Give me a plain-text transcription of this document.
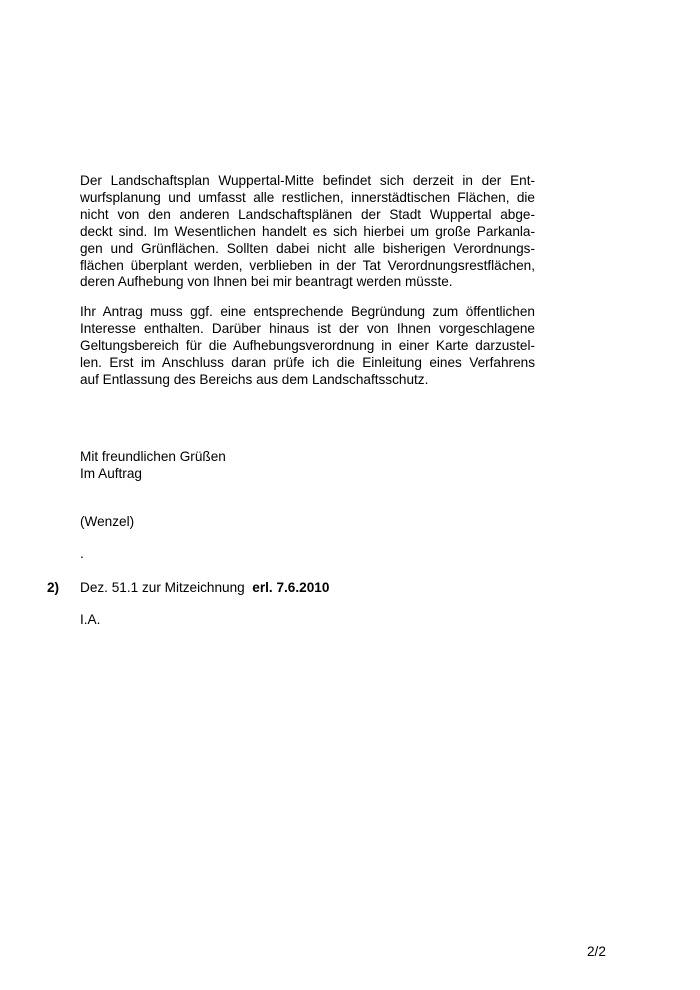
Der Landschaftsplan Wuppertal-Mitte befindet sich derzeit in der Ent-
wurfsplanung und umfasst alle restlichen, innerstädtischen Flächen, die
nicht von den anderen Landschaftsplänen der Stadt Wuppertal abge-
deckt sind. Im Wesentlichen handelt es sich hierbei um große Parkanla-
gen und Grünflächen. Sollten dabei nicht alle bisherigen Verordnungs-
flächen überplant werden, verblieben in der Tat Verordnungsrestflächen,
deren Aufhebung von Ihnen bei mir beantragt werden müsste.
Ihr Antrag muss ggf. eine entsprechende Begründung zum öffentlichen
Interesse enthalten. Darüber hinaus ist der von Ihnen vorgeschlagene
Geltungsbereich für die Aufhebungsverordnung in einer Karte darzustel-
len. Erst im Anschluss daran prüfe ich die Einleitung eines Verfahrens
auf Entlassung des Bereichs aus dem Landschaftsschutz.
Mit freundlichen Grüßen
Im Auftrag
(Wenzel)
.
2) Dez. 51.1 zur Mitzeichnung erl. 7.6.2010
I.A.
2/2
